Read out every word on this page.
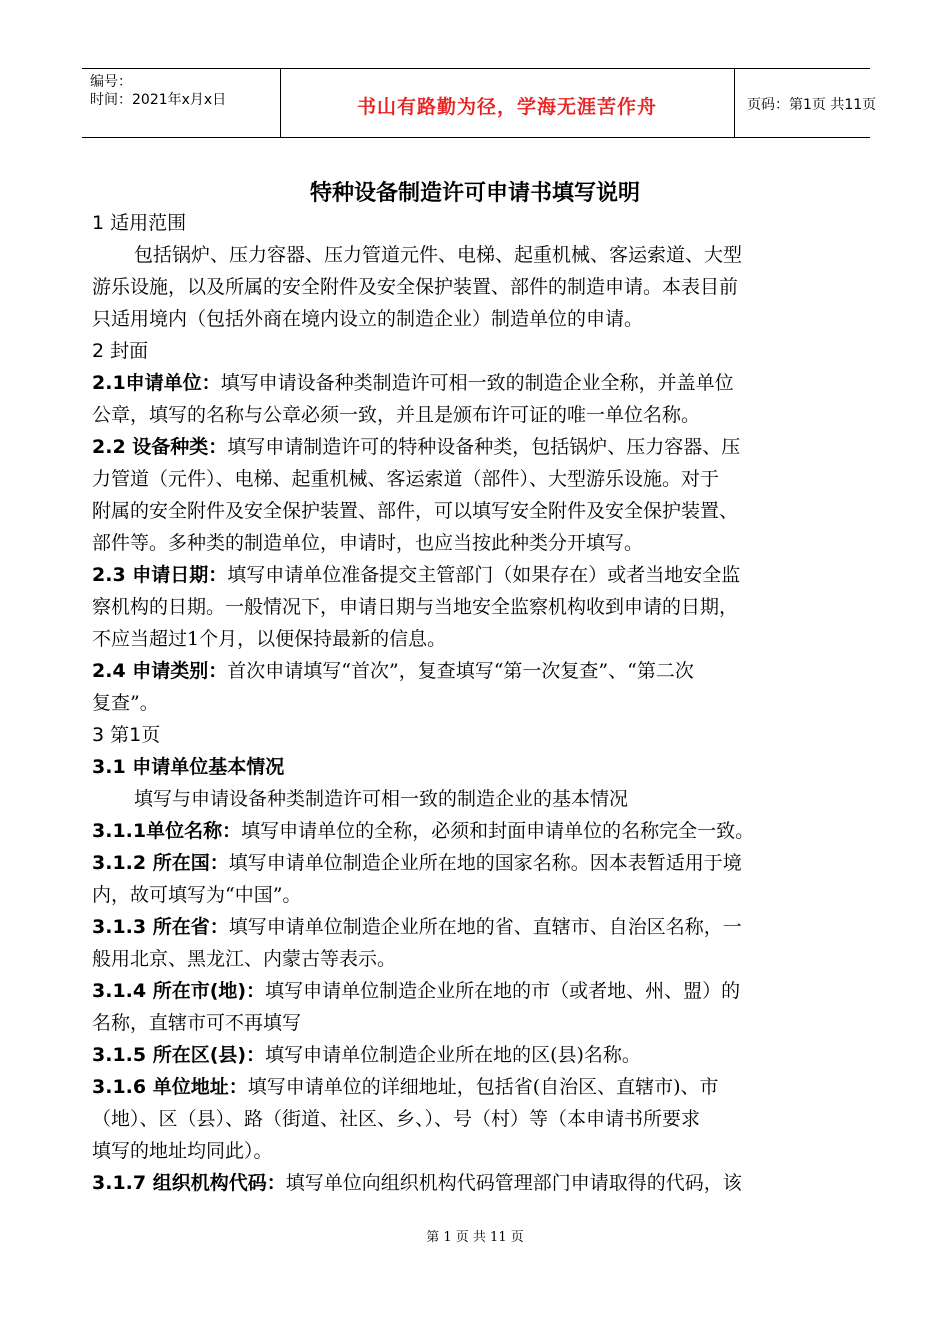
编号：
时间：2021年x月x日	书山有路勤为径，学海无涯苦作舟	页码：第1页 共11页
特种设备制造许可申请书填写说明
1 适用范围
包括锅炉、压力容器、压力管道元件、电梯、起重机械、客运索道、大型
游乐设施，以及所属的安全附件及安全保护装置、部件的制造申请。本表目前
只适用境内（包括外商在境内设立的制造企业）制造单位的申请。
2 封面
2.1申请单位：填写申请设备种类制造许可相一致的制造企业全称，并盖单位
公章，填写的名称与公章必须一致，并且是颁布许可证的唯一单位名称。
2.2 设备种类：填写申请制造许可的特种设备种类，包括锅炉、压力容器、压
力管道（元件）、电梯、起重机械、客运索道（部件）、大型游乐设施。对于
附属的安全附件及安全保护装置、部件，可以填写安全附件及安全保护装置、
部件等。多种类的制造单位，申请时，也应当按此种类分开填写。
2.3 申请日期：填写申请单位准备提交主管部门（如果存在）或者当地安全监
察机构的日期。一般情况下，申请日期与当地安全监察机构收到申请的日期，
不应当超过1个月，以便保持最新的信息。
2.4 申请类别：首次申请填写“首次”，复查填写“第一次复查”、“第二次
复查”。
3 第1页
3.1 申请单位基本情况
填写与申请设备种类制造许可相一致的制造企业的基本情况
3.1.1单位名称：填写申请单位的全称，必须和封面申请单位的名称完全一致。
3.1.2 所在国：填写申请单位制造企业所在地的国家名称。因本表暂适用于境
内，故可填写为“中国”。
3.1.3 所在省：填写申请单位制造企业所在地的省、直辖市、自治区名称，一
般用北京、黑龙江、内蒙古等表示。
3.1.4 所在市(地)：填写申请单位制造企业所在地的市（或者地、州、盟）的
名称，直辖市可不再填写
3.1.5 所在区(县)：填写申请单位制造企业所在地的区(县)名称。
3.1.6 单位地址：填写申请单位的详细地址，包括省(自治区、直辖市)、市
（地）、区（县）、路（街道、社区、乡、）、号（村）等（本申请书所要求
填写的地址均同此）。
3.1.7 组织机构代码：填写单位向组织机构代码管理部门申请取得的代码，该
第 1 页 共 11 页
